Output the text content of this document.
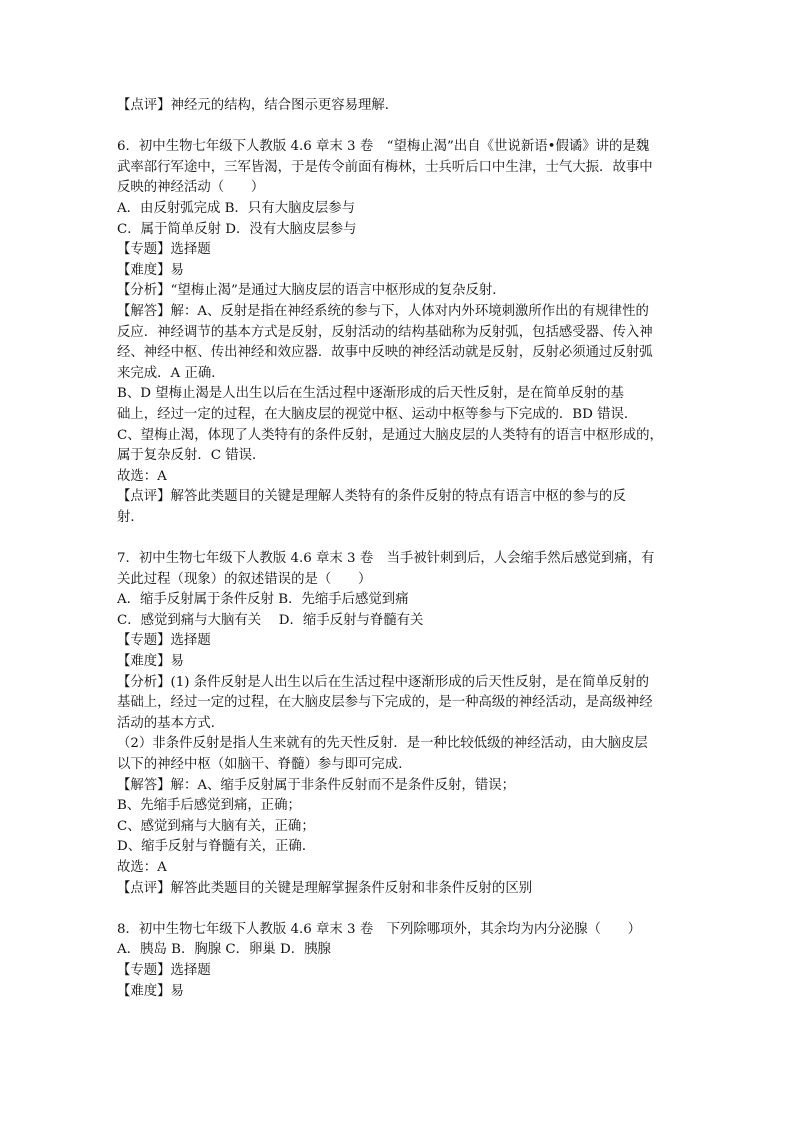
【点评】神经元的结构，结合图示更容易理解．
6．初中生物七年级下人教版 4.6 章末 3 卷　“望梅止渴”出自《世说新语•假谲》讲的是魏
武率部行军途中，三军皆渴，于是传令前面有梅林，士兵听后口中生津，士气大振．故事中
反映的神经活动（　　）
A．由反射弧完成 B．只有大脑皮层参与
C．属于简单反射 D．没有大脑皮层参与
【专题】选择题
【难度】易
【分析】“望梅止渴”是通过大脑皮层的语言中枢形成的复杂反射．
【解答】解：A、反射是指在神经系统的参与下，人体对内外环境刺激所作出的有规律性的
反应．神经调节的基本方式是反射，反射活动的结构基础称为反射弧，包括感受器、传入神
经、神经中枢、传出神经和效应器．故事中反映的神经活动就是反射，反射必须通过反射弧
来完成．A 正确．
B、D 望梅止渴是人出生以后在生活过程中逐渐形成的后天性反射，是在简单反射的基
础上，经过一定的过程，在大脑皮层的视觉中枢、运动中枢等参与下完成的．BD 错误．
C、望梅止渴，体现了人类特有的条件反射，是通过大脑皮层的人类特有的语言中枢形成的，
属于复杂反射．C 错误．
故选：A
【点评】解答此类题目的关键是理解人类特有的条件反射的特点有语言中枢的参与的反
射．
7．初中生物七年级下人教版 4.6 章末 3 卷　当手被针刺到后，人会缩手然后感觉到痛，有
关此过程（现象）的叙述错误的是（　　）
A．缩手反射属于条件反射 B．先缩手后感觉到痛
C．感觉到痛与大脑有关　 D．缩手反射与脊髓有关
【专题】选择题
【难度】易
【分析】(1) 条件反射是人出生以后在生活过程中逐渐形成的后天性反射，是在简单反射的
基础上，经过一定的过程，在大脑皮层参与下完成的，是一种高级的神经活动，是高级神经
活动的基本方式．
（2）非条件反射是指人生来就有的先天性反射．是一种比较低级的神经活动，由大脑皮层
以下的神经中枢（如脑干、脊髓）参与即可完成．
【解答】解：A、缩手反射属于非条件反射而不是条件反射，错误；
B、先缩手后感觉到痛，正确；
C、感觉到痛与大脑有关，正确；
D、缩手反射与脊髓有关，正确．
故选：A
【点评】解答此类题目的关键是理解掌握条件反射和非条件反射的区别
8．初中生物七年级下人教版 4.6 章末 3 卷　下列除哪项外，其余均为内分泌腺（　　）
A．胰岛 B．胸腺 C．卵巢 D．胰腺
【专题】选择题
【难度】易
